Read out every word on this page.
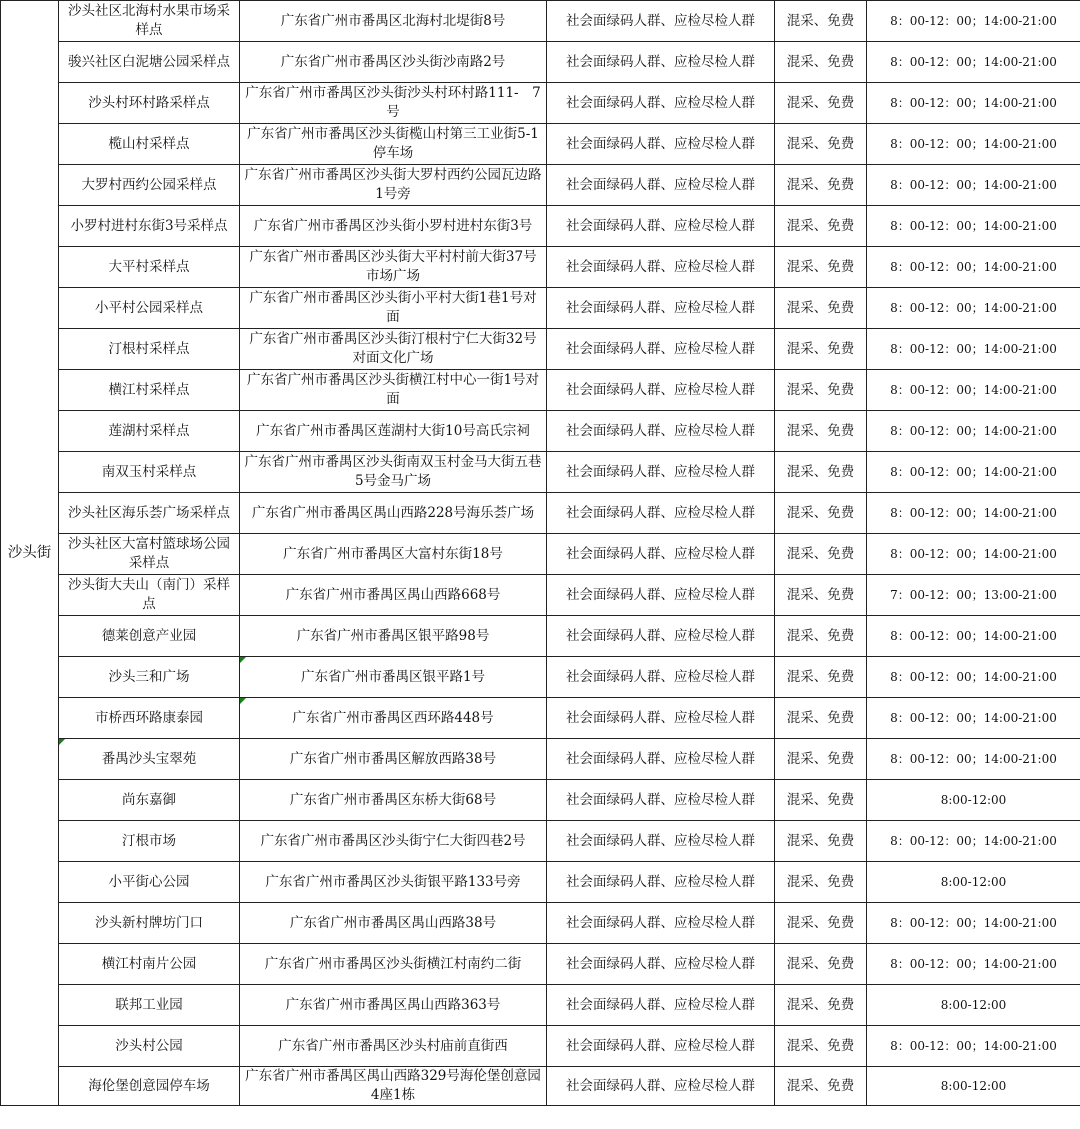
沙头街	沙头社区北海村水果市场采样点	广东省广州市番禺区北海村北堤街8号	社会面绿码人群、应检尽检人群	混采、免费	8：00-12：00；14:00-21:00
	骏兴社区白泥塘公园采样点	广东省广州市番禺区沙头街沙南路2号	社会面绿码人群、应检尽检人群	混采、免费	8：00-12：00；14:00-21:00
	沙头村环村路采样点	广东省广州市番禺区沙头街沙头村环村路111-　7号	社会面绿码人群、应检尽检人群	混采、免费	8：00-12：00；14:00-21:00
	榄山村采样点	广东省广州市番禺区沙头街榄山村第三工业街5-1停车场	社会面绿码人群、应检尽检人群	混采、免费	8：00-12：00；14:00-21:00
	大罗村西约公园采样点	广东省广州市番禺区沙头街大罗村西约公园瓦边路1号旁	社会面绿码人群、应检尽检人群	混采、免费	8：00-12：00；14:00-21:00
	小罗村进村东街3号采样点	广东省广州市番禺区沙头街小罗村进村东街3号	社会面绿码人群、应检尽检人群	混采、免费	8：00-12：00；14:00-21:00
	大平村采样点	广东省广州市番禺区沙头街大平村村前大街37号市场广场	社会面绿码人群、应检尽检人群	混采、免费	8：00-12：00；14:00-21:00
	小平村公园采样点	广东省广州市番禺区沙头街小平村大街1巷1号对面	社会面绿码人群、应检尽检人群	混采、免费	8：00-12：00；14:00-21:00
	汀根村采样点	广东省广州市番禺区沙头街汀根村宁仁大街32号对面文化广场	社会面绿码人群、应检尽检人群	混采、免费	8：00-12：00；14:00-21:00
	横江村采样点	广东省广州市番禺区沙头街横江村中心一街1号对面	社会面绿码人群、应检尽检人群	混采、免费	8：00-12：00；14:00-21:00
	莲湖村采样点	广东省广州市番禺区莲湖村大街10号高氏宗祠	社会面绿码人群、应检尽检人群	混采、免费	8：00-12：00；14:00-21:00
	南双玉村采样点	广东省广州市番禺区沙头街南双玉村金马大街五巷5号金马广场	社会面绿码人群、应检尽检人群	混采、免费	8：00-12：00；14:00-21:00
	沙头社区海乐荟广场采样点	广东省广州市番禺区禺山西路228号海乐荟广场	社会面绿码人群、应检尽检人群	混采、免费	8：00-12：00；14:00-21:00
	沙头社区大富村篮球场公园采样点	广东省广州市番禺区大富村东街18号	社会面绿码人群、应检尽检人群	混采、免费	8：00-12：00；14:00-21:00
	沙头街大夫山（南门）采样点	广东省广州市番禺区禺山西路668号	社会面绿码人群、应检尽检人群	混采、免费	7：00-12：00；13:00-21:00
	德莱创意产业园	广东省广州市番禺区银平路98号	社会面绿码人群、应检尽检人群	混采、免费	8：00-12：00；14:00-21:00
	沙头三和广场	广东省广州市番禺区银平路1号	社会面绿码人群、应检尽检人群	混采、免费	8：00-12：00；14:00-21:00
	市桥西环路康泰园	广东省广州市番禺区西环路448号	社会面绿码人群、应检尽检人群	混采、免费	8：00-12：00；14:00-21:00
	番禺沙头宝翠苑	广东省广州市番禺区解放西路38号	社会面绿码人群、应检尽检人群	混采、免费	8：00-12：00；14:00-21:00
	尚东嘉御	广东省广州市番禺区东桥大街68号	社会面绿码人群、应检尽检人群	混采、免费	8:00-12:00
	汀根市场	广东省广州市番禺区沙头街宁仁大街四巷2号	社会面绿码人群、应检尽检人群	混采、免费	8：00-12：00；14:00-21:00
	小平街心公园	广东省广州市番禺区沙头街银平路133号旁	社会面绿码人群、应检尽检人群	混采、免费	8:00-12:00
	沙头新村牌坊门口	广东省广州市番禺区禺山西路38号	社会面绿码人群、应检尽检人群	混采、免费	8：00-12：00；14:00-21:00
	横江村南片公园	广东省广州市番禺区沙头街横江村南约二街	社会面绿码人群、应检尽检人群	混采、免费	8：00-12：00；14:00-21:00
	联邦工业园	广东省广州市番禺区禺山西路363号	社会面绿码人群、应检尽检人群	混采、免费	8:00-12:00
	沙头村公园	广东省广州市番禺区沙头村庙前直街西	社会面绿码人群、应检尽检人群	混采、免费	8：00-12：00；14:00-21:00
	海伦堡创意园停车场	广东省广州市番禺区禺山西路329号海伦堡创意园4座1栋	社会面绿码人群、应检尽检人群	混采、免费	8:00-12:00
